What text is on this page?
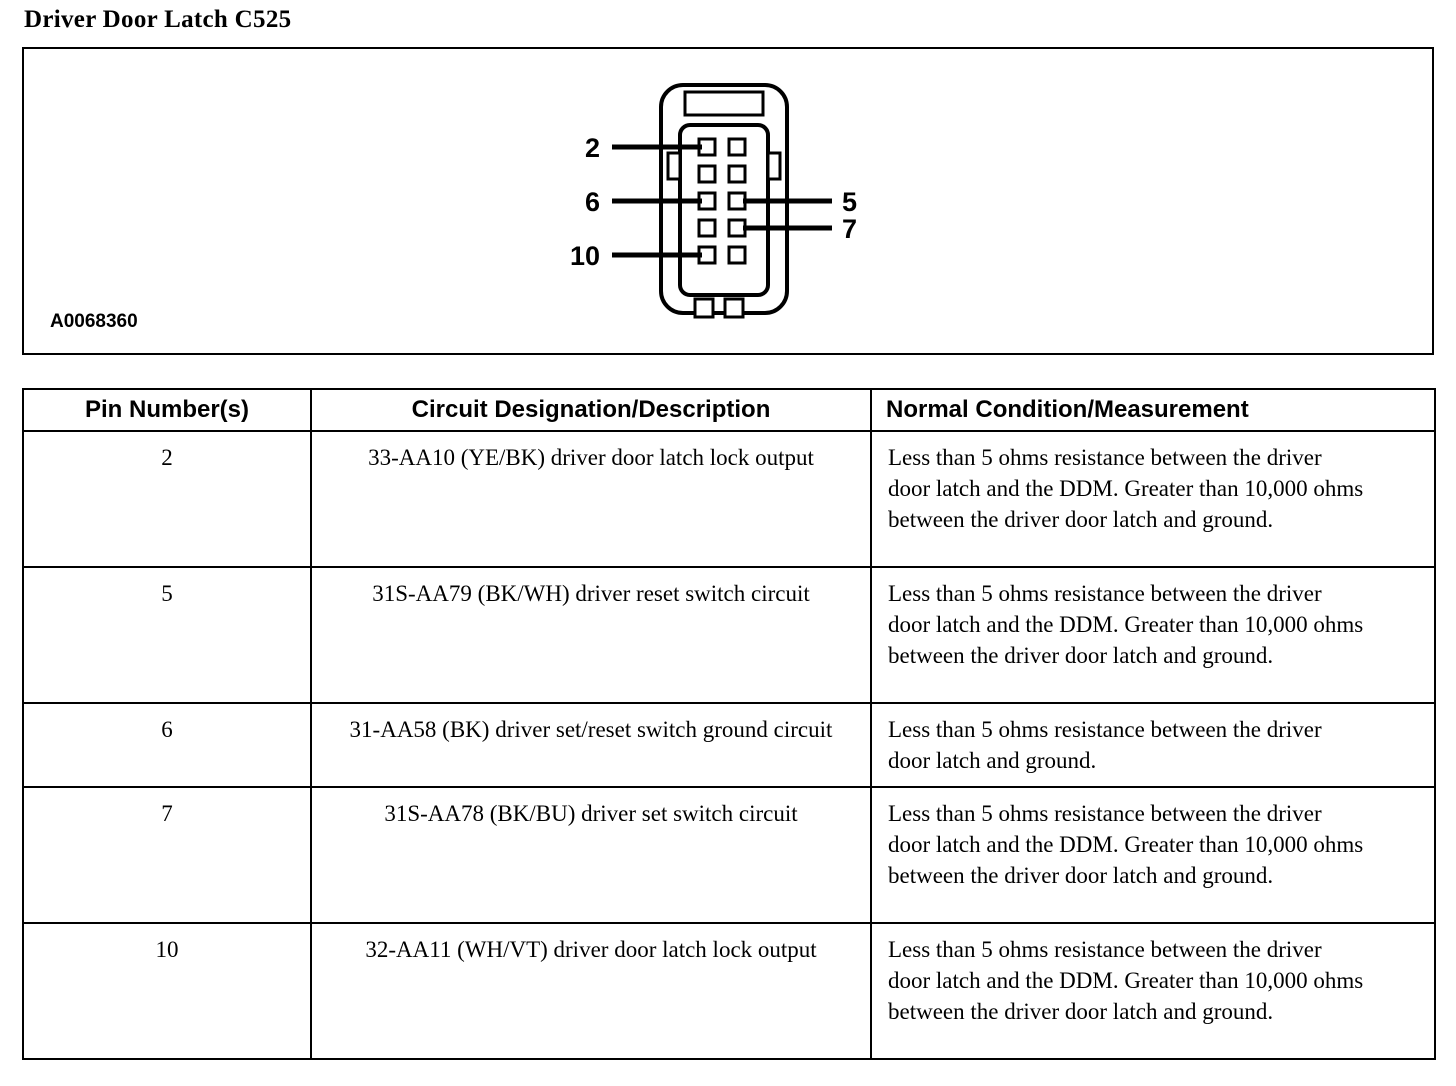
Driver Door Latch C525
2
6
10
5
7
A0068360
Pin Number(s)	Circuit Designation/Description	Normal Condition/Measurement
2	33-AA10 (YE/BK) driver door latch lock output	Less than 5 ohms resistance between the driver door latch and the DDM. Greater than 10,000 ohms between the driver door latch and ground.
5	31S-AA79 (BK/WH) driver reset switch circuit	Less than 5 ohms resistance between the driver door latch and the DDM. Greater than 10,000 ohms between the driver door latch and ground.
6	31-AA58 (BK) driver set/reset switch ground circuit	Less than 5 ohms resistance between the driver door latch and ground.
7	31S-AA78 (BK/BU) driver set switch circuit	Less than 5 ohms resistance between the driver door latch and the DDM. Greater than 10,000 ohms between the driver door latch and ground.
10	32-AA11 (WH/VT) driver door latch lock output	Less than 5 ohms resistance between the driver door latch and the DDM. Greater than 10,000 ohms between the driver door latch and ground.
